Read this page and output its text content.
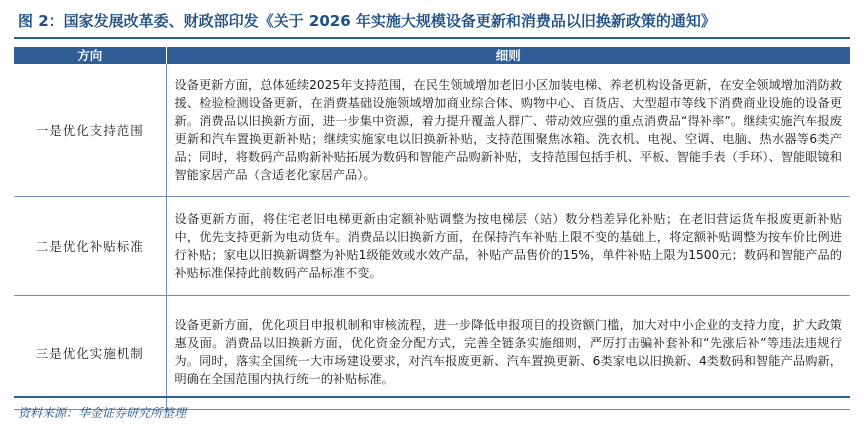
图 2：国家发展改革委、财政部印发《关于 2026 年实施大规模设备更新和消费品以旧换新政策的通知》
方向	细则
一是优化支持范围	设备更新方面，总体延续2025年支持范围，在民生领域增加老旧小区加装电梯、养老机构设备更新，在安全领域增加消防救援、检验检测设备更新，在消费基础设施领域增加商业综合体、购物中心、百货店、大型超市等线下消费商业设施的设备更新。消费品以旧换新方面，进一步集中资源，着力提升覆盖人群广、带动效应强的重点消费品“得补率”。继续实施汽车报废更新和汽车置换更新补贴；继续实施家电以旧换新补贴，支持范围聚焦冰箱、洗衣机、电视、空调、电脑、热水器等6类产品；同时，将数码产品购新补贴拓展为数码和智能产品购新补贴，支持范围包括手机、平板、智能手表（手环）、智能眼镜和智能家居产品（含适老化家居产品）。
二是优化补贴标准	设备更新方面，将住宅老旧电梯更新由定额补贴调整为按电梯层（站）数分档差异化补贴；在老旧营运货车报废更新补贴中，优先支持更新为电动货车。消费品以旧换新方面，在保持汽车补贴上限不变的基础上，将定额补贴调整为按车价比例进行补贴；家电以旧换新调整为补贴1级能效或水效产品，补贴产品售价的15%，单件补贴上限为1500元；数码和智能产品的补贴标准保持此前数码产品标准不变。
三是优化实施机制	设备更新方面，优化项目申报机制和审核流程，进一步降低申报项目的投资额门槛，加大对中小企业的支持力度，扩大政策惠及面。消费品以旧换新方面，优化资金分配方式，完善全链条实施细则，严厉打击骗补套补和“先涨后补”等违法违规行为。同时，落实全国统一大市场建设要求，对汽车报废更新、汽车置换更新、6类家电以旧换新、4类数码和智能产品购新，明确在全国范围内执行统一的补贴标准。
资料来源：华金证券研究所整理
